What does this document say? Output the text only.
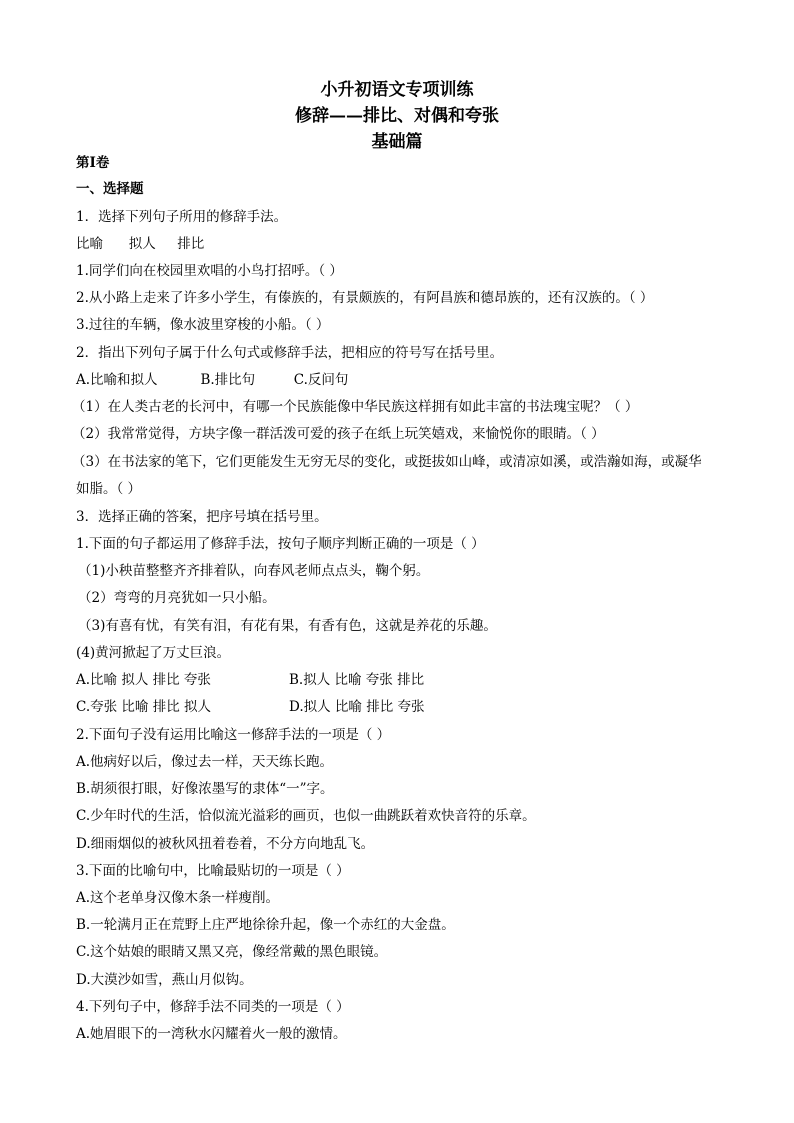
小升初语文专项训练
修辞——排比、对偶和夸张
基础篇
第I卷
一、选择题
1．选择下列句子所用的修辞手法。
比喻      拟人     排比
1.同学们向在校园里欢唱的小鸟打招呼。（ ）
2.从小路上走来了许多小学生，有傣族的，有景颇族的，有阿昌族和德昂族的，还有汉族的。（ ）
3.过往的车辆，像水波里穿梭的小船。（ ）
2．指出下列句子属于什么句式或修辞手法，把相应的符号写在括号里。
A.比喻和拟人          B.排比句         C.反问句
（1）在人类古老的长河中，有哪一个民族能像中华民族这样拥有如此丰富的书法瑰宝呢？（ ）
（2）我常常觉得，方块字像一群活泼可爱的孩子在纸上玩笑嬉戏，来愉悦你的眼睛。（ ）
（3）在书法家的笔下，它们更能发生无穷无尽的变化，或挺拔如山峰，或清凉如溪，或浩瀚如海，或凝华
如脂。（ ）
3．选择正确的答案，把序号填在括号里。
1.下面的句子都运用了修辞手法，按句子顺序判断正确的一项是（ ）
（1)小秧苗整整齐齐排着队，向春风老师点点头，鞠个躬。
（2）弯弯的月亮犹如一只小船。
（3)有喜有忧，有笑有泪，有花有果，有香有色，这就是养花的乐趣。
(4)黄河掀起了万丈巨浪。
A.比喻 拟人 排比 夸张	B.拟人 比喻 夸张 排比
C.夸张 比喻 排比 拟人	D.拟人 比喻 排比 夸张
2.下面句子没有运用比喻这一修辞手法的一项是（ ）
A.他病好以后，像过去一样，天天练长跑。
B.胡须很打眼，好像浓墨写的隶体“一”字。
C.少年时代的生活，恰似流光溢彩的画页，也似一曲跳跃着欢快音符的乐章。
D.细雨烟似的被秋风扭着卷着，不分方向地乱飞。
3.下面的比喻句中，比喻最贴切的一项是（ ）
A.这个老单身汉像木条一样瘦削。
B.一轮满月正在荒野上庄严地徐徐升起，像一个赤红的大金盘。
C.这个姑娘的眼睛又黑又亮，像经常戴的黑色眼镜。
D.大漠沙如雪，燕山月似钩。
4.下列句子中，修辞手法不同类的一项是（ ）
A.她眉眼下的一湾秋水闪耀着火一般的激情。
